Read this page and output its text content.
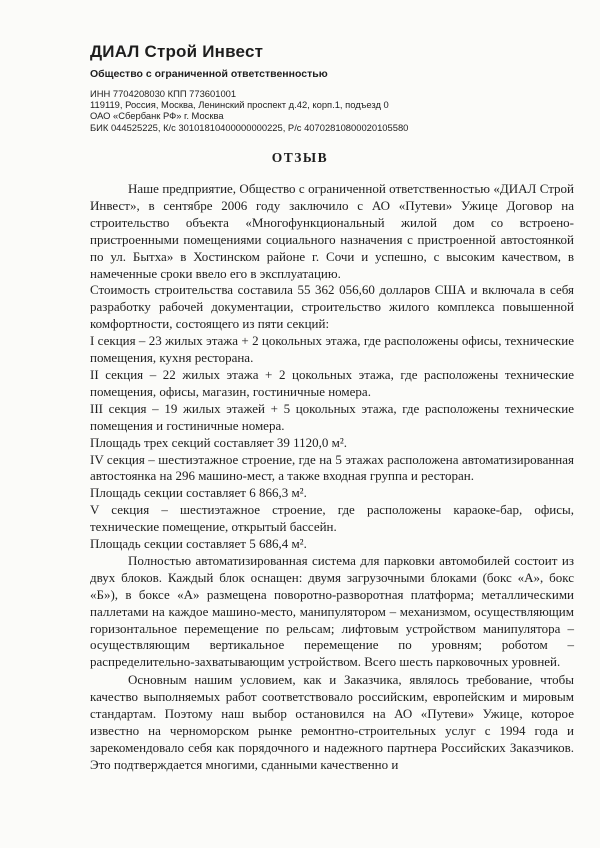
ДИАЛ Строй Инвест
Общество с ограниченной ответственностью
ИНН 7704208030 КПП 773601001
119119, Россия, Москва, Ленинский проспект д.42, корп.1, подъезд 0
ОАО «Сбербанк РФ» г. Москва
БИК 044525225, К/с 30101810400000000225, Р/с 40702810800020105580
ОТЗЫВ

Наше предприятие, Общество с ограниченной ответственностью «ДИАЛ Строй Инвест», в сентябре 2006 году заключило с АО «Путеви» Ужице Договор на строительство объекта «Многофункциональный жилой дом со встроено-пристроенными помещениями социального назначения с пристроенной автостоянкой по ул. Бытха» в Хостинском районе г. Сочи и успешно, с высоким качеством, в намеченные сроки ввело его в эксплуатацию.

Стоимость строительства составила 55 362 056,60 долларов США и включала в себя разработку рабочей документации, строительство жилого комплекса повышенной комфортности, состоящего из пяти секций:

I секция – 23 жилых этажа + 2 цокольных этажа, где расположены офисы, технические помещения, кухня ресторана.

II секция – 22 жилых этажа + 2 цокольных этажа, где расположены технические помещения, офисы, магазин, гостиничные номера.

III секция – 19 жилых этажей + 5 цокольных этажа, где расположены технические помещения и гостиничные номера.

Площадь трех секций составляет 39 1120,0 м².

IV секция – шестиэтажное строение, где на 5 этажах расположена автоматизированная автостоянка на 296 машино-мест, а также входная группа и ресторан.

Площадь секции составляет 6 866,3 м².

V секция – шестиэтажное строение, где расположены караоке-бар, офисы, технические помещение, открытый бассейн.

Площадь секции составляет 5 686,4 м².

Полностью автоматизированная система для парковки автомобилей состоит из двух блоков. Каждый блок оснащен: двумя загрузочными блоками (бокс «А», бокс «Б»), в боксе «А» размещена поворотно-разворотная платформа; металлическими паллетами на каждое машино-место, манипулятором – механизмом, осуществляющим горизонтальное перемещение по рельсам; лифтовым устройством манипулятора – осуществляющим вертикальное перемещение по уровням; роботом – распределительно-захватывающим устройством. Всего шесть парковочных уровней.

Основным нашим условием, как и Заказчика, являлось требование, чтобы качество выполняемых работ соответствовало российским, европейским и мировым стандартам. Поэтому наш выбор остановился на АО «Путеви» Ужице, которое известно на черноморском рынке ремонтно-строительных услуг с 1994 года и зарекомендовало себя как порядочного и надежного партнера Российских Заказчиков. Это подтверждается многими, сданными качественно и
